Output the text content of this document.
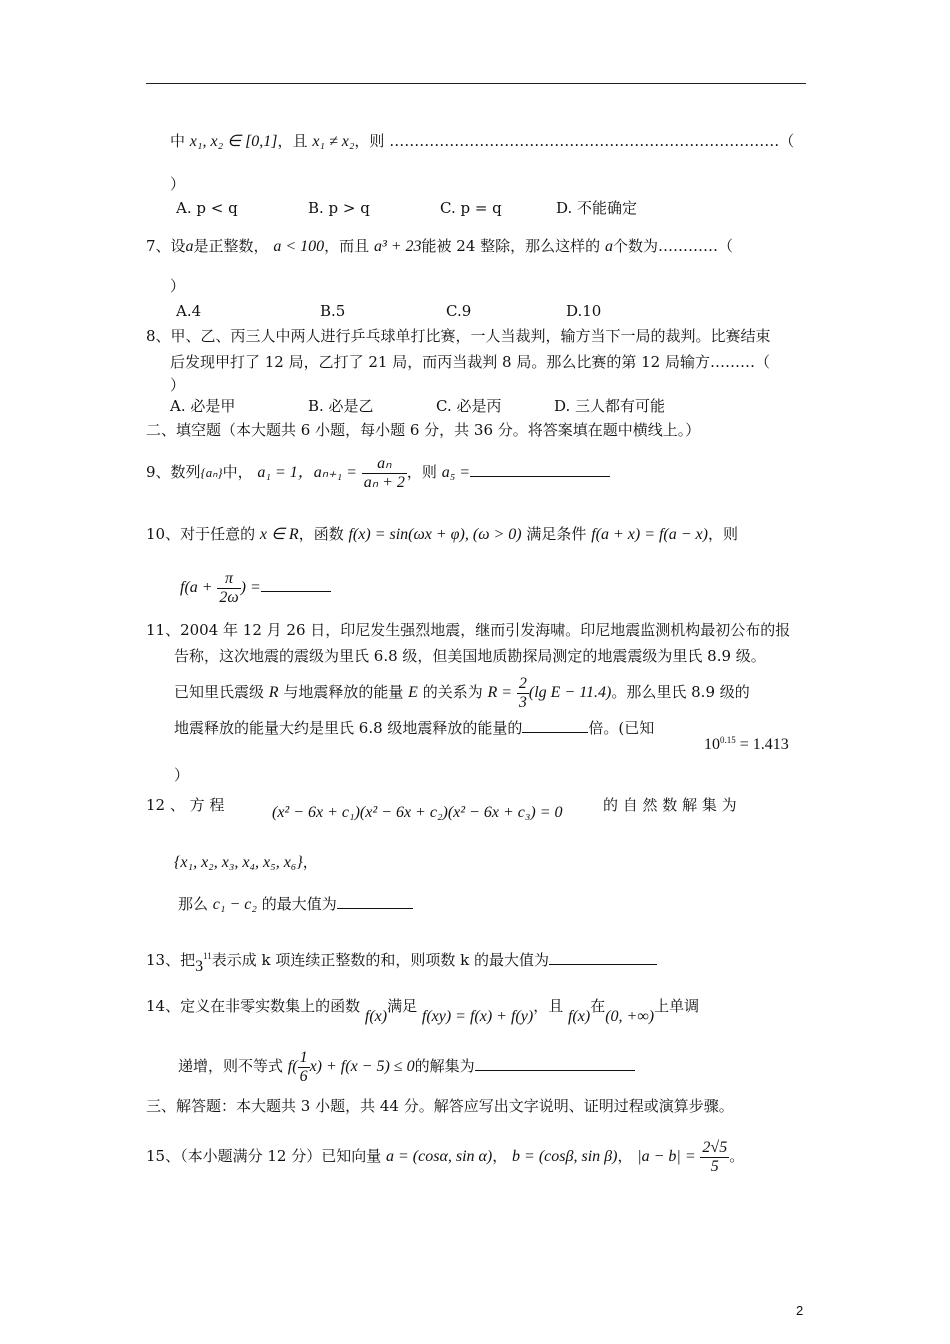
中 x₁, x₂ ∈ [0,1]，且 x₁ ≠ x₂，则 ……………………………………………………………………（
）
A. p < q	B. p > q	C. p = q	D. 不能确定
7、设a是正整数， a < 100，而且 a³ + 23能被 24 整除，那么这样的 a个数为…………（
）
A.4	B.5	C.9	D.10
8、甲、乙、丙三人中两人进行乒乓球单打比赛，一人当裁判，输方当下一局的裁判。比赛结束
后发现甲打了 12 局，乙打了 21 局，而丙当裁判 8 局。那么比赛的第 12 局输方………（
）
A. 必是甲	B. 必是乙	C. 必是丙	D. 三人都有可能
二、填空题（本大题共 6 小题，每小题 6 分，共 36 分。将答案填在题中横线上。）
9、数列{aₙ}中， a₁ = 1，$a_{n+1} = \frac{\text{aₙ}}{\text{aₙ + 2}}$ ，则 a₅ =
10、对于任意的 x ∈ R，函数 f(x) = sin(ωx + φ), (ω > 0) 满足条件 f(a + x) = f(a − x)，则
$f(a + \frac{\pi}{2\omega}$ ) =
11、2004 年 12 月 26 日，印尼发生强烈地震，继而引发海啸。印尼地震监测机构最初公布的报
告称，这次地震的震级为里氏 6.8 级，但美国地质勘探局测定的地震震级为里氏 8.9 级。
已知里氏震级 R 与地震释放的能量 E 的关系为 $R = \frac{2}{3} (\lg$ E − 11.4)。那么里氏 8.9 级的
地震释放的能量大约是里氏 6.8 级地震释放的能量的	倍。(已知
$10^{0.15} = 1.413$
）
12 、 方 程	(x² − 6x + c₁)(x² − 6x + c₂)(x² − 6x + c₃) = 0	的 自 然 数 解 集 为
{x₁, x₂, x₃, x₄, x₅, x₆}，
那么 c₁ − c₂ 的最大值为
13、把$3^{11}$表示成 k 项连续正整数的和，则项数 k 的最大值为
14、定义在非零实数集上的函数 f(x)满足 f(xy) = f(x) + f(y)，且 f(x)在(0, +∞)上单调
递增，则不等式 $f( \frac{1}{6} x) + f(x - 5) \le 0$的解集为
三、解答题：本大题共 3 小题，共 44 分。解答应写出文字说明、证明过程或演算步骤。
15、（本小题满分 12 分）已知向量 a = (cosα, sin α)， b = (cosβ, sin β)， $|a - b| = \frac{2√5}{5}$ 。
2
